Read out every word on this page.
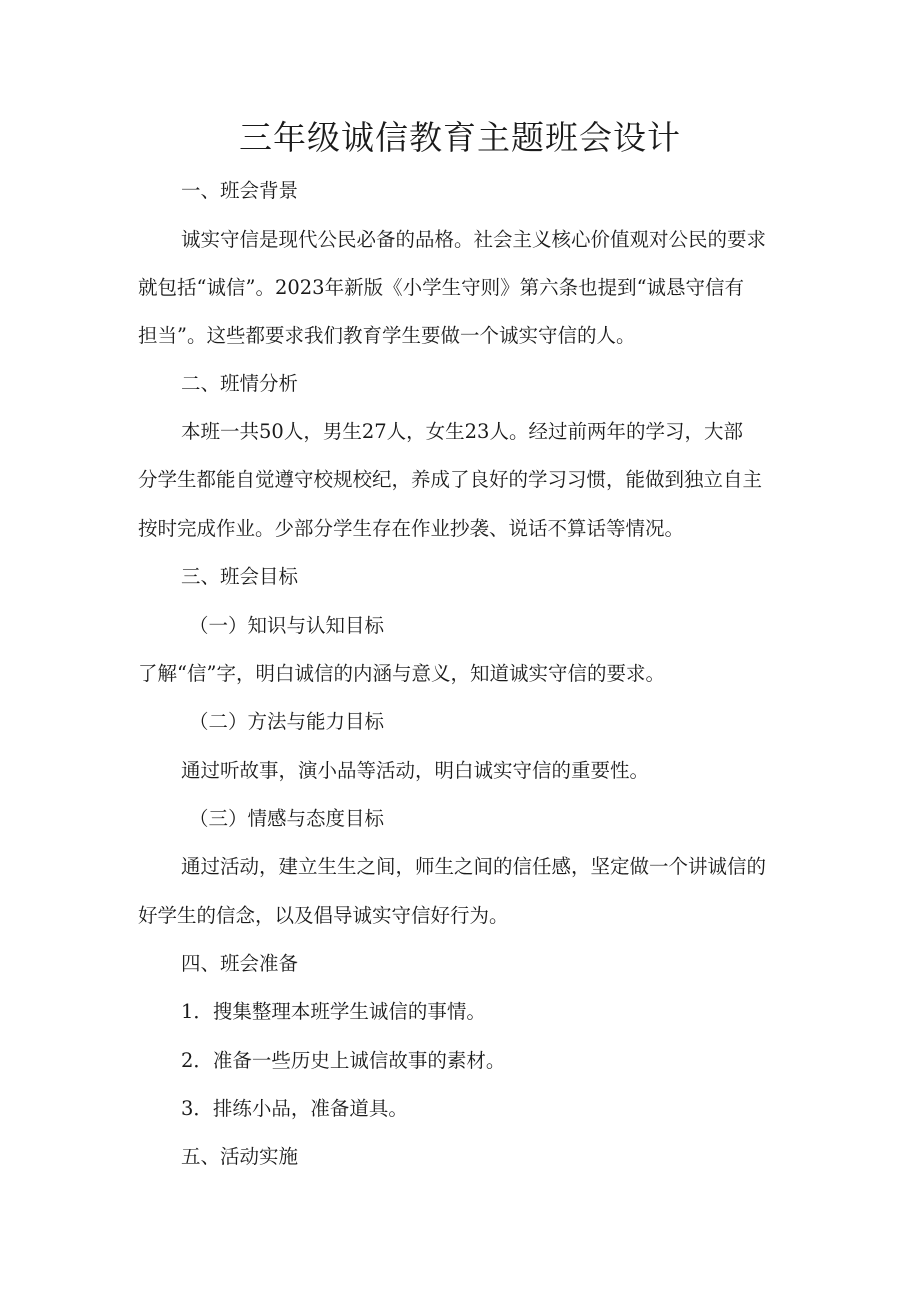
三年级诚信教育主题班会设计

一、班会背景

诚实守信是现代公民必备的品格。社会主义核心价值观对公民的要求

就包括“诚信”。2023年新版《小学生守则》第六条也提到“诚恳守信有

担当”。这些都要求我们教育学生要做一个诚实守信的人。

二、班情分析

本班一共50人，男生27人，女生23人。经过前两年的学习，大部

分学生都能自觉遵守校规校纪，养成了良好的学习习惯，能做到独立自主

按时完成作业。少部分学生存在作业抄袭、说话不算话等情况。

三、班会目标

（一）知识与认知目标

了解“信”字，明白诚信的内涵与意义，知道诚实守信的要求。

（二）方法与能力目标

通过听故事，演小品等活动，明白诚实守信的重要性。

（三）情感与态度目标

通过活动，建立生生之间，师生之间的信任感，坚定做一个讲诚信的

好学生的信念，以及倡导诚实守信好行为。

四、班会准备

1．搜集整理本班学生诚信的事情。

2．准备一些历史上诚信故事的素材。

3．排练小品，准备道具。

五、活动实施
